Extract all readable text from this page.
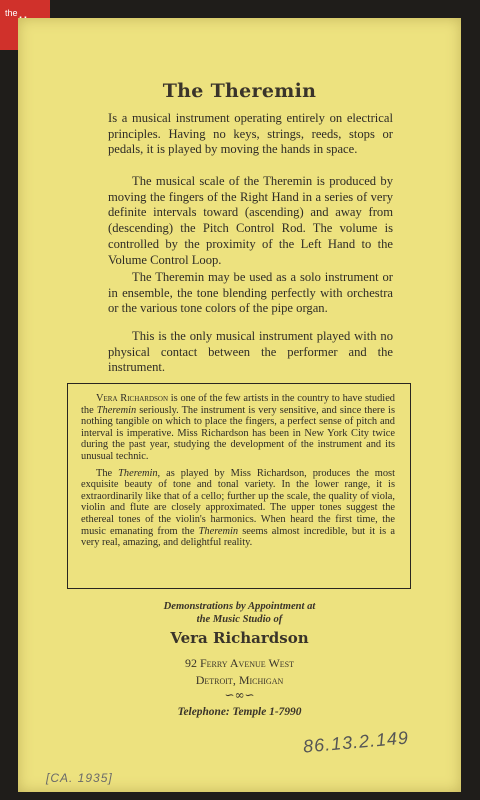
the
The Theremin
Is a musical instrument operating entirely on electrical principles. Having no keys, strings, reeds, stops or pedals, it is played by moving the hands in space.
The musical scale of the Theremin is produced by moving the fingers of the Right Hand in a series of very definite intervals toward (ascending) and away from (descending) the Pitch Control Rod. The volume is controlled by the proximity of the Left Hand to the Volume Control Loop.
The Theremin may be used as a solo instrument or in ensemble, the tone blending perfectly with orchestra or the various tone colors of the pipe organ.
This is the only musical instrument played with no physical contact between the performer and the instrument.

Vera Richardson is one of the few artists in the country to have studied the Theremin seriously. The instrument is very sensitive, and since there is nothing tangible on which to place the fingers, a perfect sense of pitch and interval is imperative. Miss Richardson has been in New York City twice during the past year, studying the development of the instrument and its unusual technic.

The Theremin, as played by Miss Richardson, produces the most exquisite beauty of tone and tonal variety. In the lower range, it is extraordinarily like that of a cello; further up the scale, the quality of viola, violin and flute are closely approximated. The upper tones suggest the ethereal tones of the violin's harmonics. When heard the first time, the music emanating from the Theremin seems almost incredible, but it is a very real, amazing, and delightful reality.

Demonstrations by Appointment at
the Music Studio of
Vera Richardson
92 Ferry Avenue West
Detroit, Michigan
∽∞∽
Telephone: Temple 1-7990
86.13.2.149
[CA. 1935]
